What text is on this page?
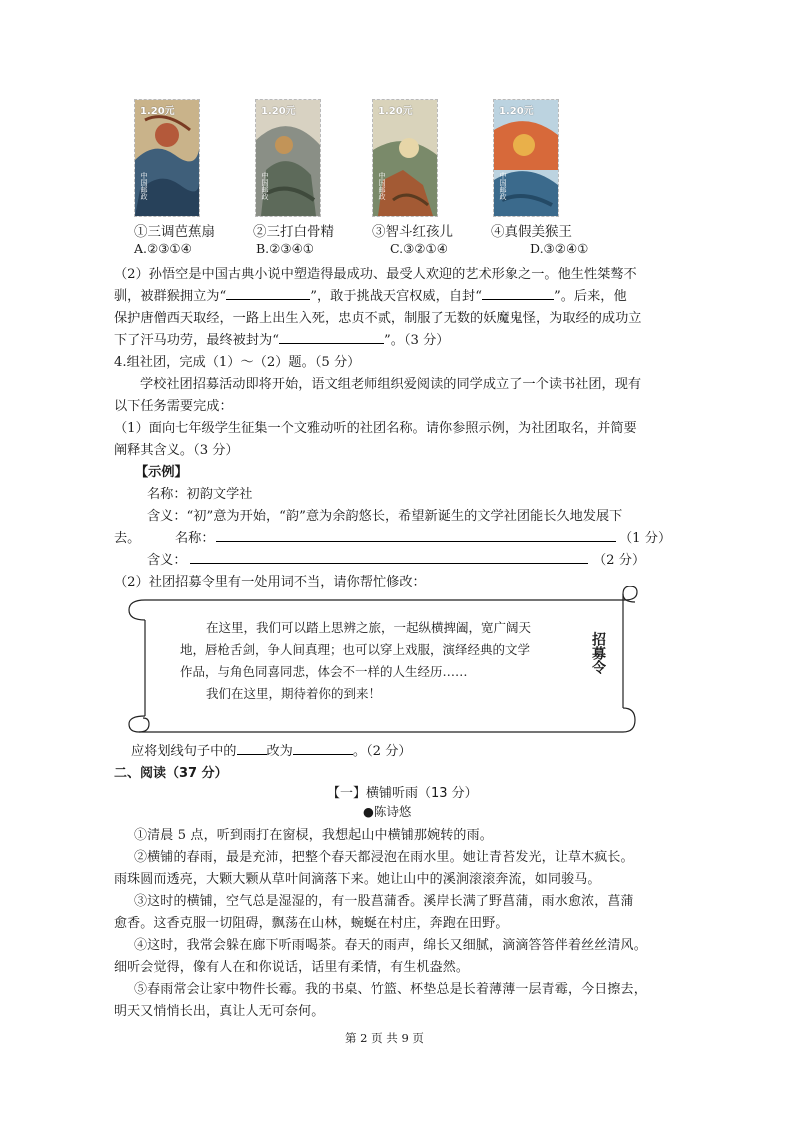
1.20元
中国邮政
1.20元
中国邮政
1.20元
中国邮政
1.20元
中国邮政
①三调芭蕉扇	②三打白骨精	③智斗红孩儿	④真假美猴王
A.②③①④	B.②③④①	C.③②①④	D.③②④①
（2）孙悟空是中国古典小说中塑造得最成功、最受人欢迎的艺术形象之一。他生性桀骜不
驯，被群猴拥立为“	”，敢于挑战天宫权威，自封“	”。后来，他
保护唐僧西天取经，一路上出生入死，忠贞不贰，制服了无数的妖魔鬼怪，为取经的成功立
下了汗马功劳，最终被封为“	”。（3 分）
4.组社团，完成（1）～（2）题。（5 分）
学校社团招募活动即将开始，语文组老师组织爱阅读的同学成立了一个读书社团，现有
以下任务需要完成：
（1）面向七年级学生征集一个文雅动听的社团名称。请你参照示例，为社团取名，并简要
阐释其含义。（3 分）
【示例】
名称：初韵文学社
含义：“初”意为开始，“韵”意为余韵悠长，希望新诞生的文学社团能长久地发展下
去。	名称：	（1 分）
含义：	（2 分）
（2）社团招募令里有一处用词不当，请你帮忙修改：
在这里，我们可以踏上思辨之旅，一起纵横捭阖，宽广阔天
地，唇枪舌剑，争人间真理；也可以穿上戏服，演绎经典的文学
作品，与角色同喜同悲，体会不一样的人生经历……
我们在这里，期待着你的到来！
招募令
应将划线句子中的 改为	。（2 分）
二、阅读（37 分）
【一】横铺听雨（13 分）
●陈诗悠
①清晨 5 点，听到雨打在窗棂，我想起山中横铺那婉转的雨。
②横铺的春雨，最是充沛，把整个春天都浸泡在雨水里。她让青苔发光，让草木疯长。
雨珠圆而透亮，大颗大颗从草叶间滴落下来。她让山中的溪涧滚滚奔流，如同骏马。
③这时的横铺，空气总是湿湿的，有一股菖蒲香。溪岸长满了野菖蒲，雨水愈浓，菖蒲
愈香。这香克服一切阻碍，飘荡在山林，蜿蜒在村庄，奔跑在田野。
④这时，我常会躲在廊下听雨喝茶。春天的雨声，绵长又细腻，滴滴答答伴着丝丝清风。
细听会觉得，像有人在和你说话，话里有柔情，有生机盎然。
⑤春雨常会让家中物件长霉。我的书桌、竹篮、杯垫总是长着薄薄一层青霉，今日擦去，
明天又悄悄长出，真让人无可奈何。
第 2 页 共 9 页
